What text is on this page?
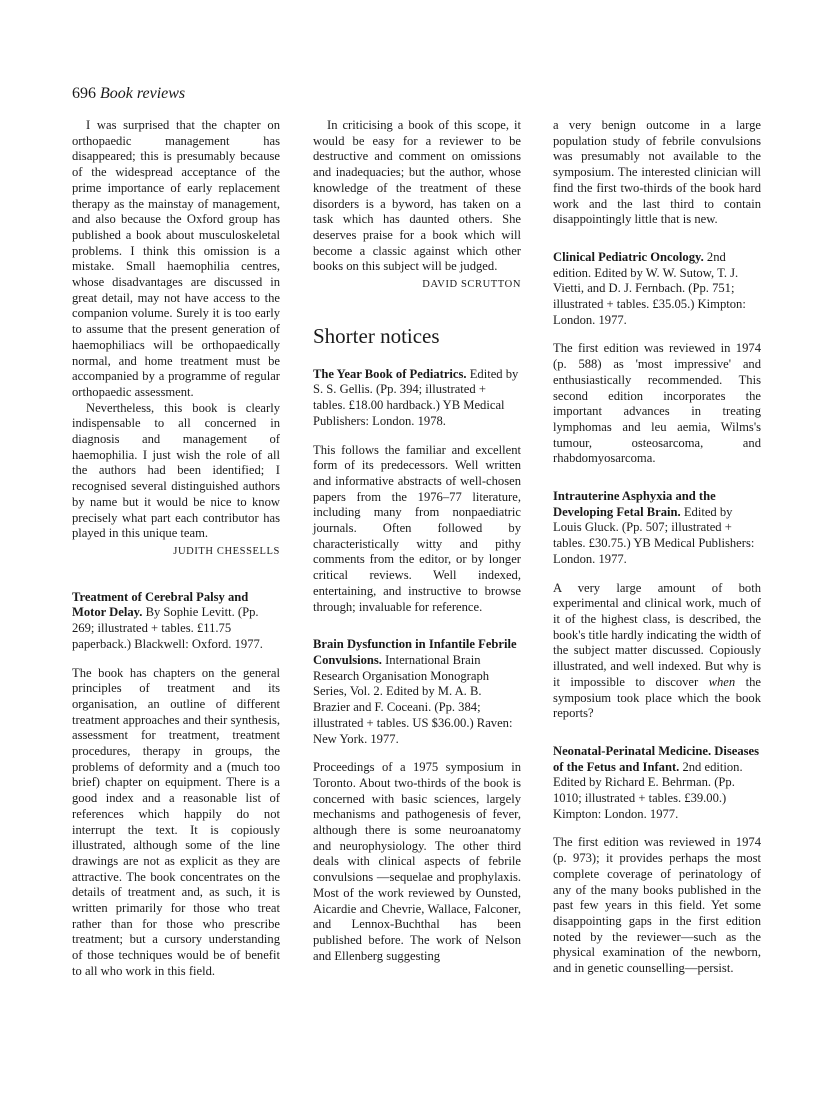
696 Book reviews

I was surprised that the chapter on orthopaedic management has disappeared; this is presumably because of the widespread acceptance of the prime importance of early replacement therapy as the mainstay of management, and also because the Oxford group has published a book about musculoskeletal problems. I think this omission is a mistake. Small haemophilia centres, whose disadvantages are discussed in great detail, may not have access to the companion volume. Surely it is too early to assume that the present generation of haemophiliacs will be orthopaedically normal, and home treatment must be accompanied by a programme of regular orthopaedic assessment.

Nevertheless, this book is clearly indispensable to all concerned in diagnosis and management of haemophilia. I just wish the role of all the authors had been identified; I recognised several distinguished authors by name but it would be nice to know precisely what part each contributor has played in this unique team.

JUDITH CHESSELLS

Treatment of Cerebral Palsy and Motor Delay. By Sophie Levitt. (Pp. 269; illustrated + tables. £11.75 paperback.) Blackwell: Oxford. 1977.

The book has chapters on the general principles of treatment and its organisation, an outline of different treatment approaches and their synthesis, assessment for treatment, treatment procedures, therapy in groups, the problems of deformity and a (much too brief) chapter on equipment. There is a good index and a reasonable list of references which happily do not interrupt the text. It is copiously illustrated, although some of the line drawings are not as explicit as they are attractive. The book concentrates on the details of treatment and, as such, it is written primarily for those who treat rather than for those who prescribe treatment; but a cursory understanding of those techniques would be of benefit to all who work in this field.

In criticising a book of this scope, it would be easy for a reviewer to be destructive and comment on omissions and inadequacies; but the author, whose knowledge of the treatment of these disorders is a byword, has taken on a task which has daunted others. She deserves praise for a book which will become a classic against which other books on this subject will be judged.

DAVID SCRUTTON
Shorter notices

The Year Book of Pediatrics. Edited by S. S. Gellis. (Pp. 394; illustrated + tables. £18.00 hardback.) YB Medical Publishers: London. 1978.

This follows the familiar and excellent form of its predecessors. Well written and informative abstracts of well-chosen papers from the 1976–77 literature, including many from nonpaediatric journals. Often followed by characteristically witty and pithy comments from the editor, or by longer critical reviews. Well indexed, entertaining, and instructive to browse through; invaluable for reference.

Brain Dysfunction in Infantile Febrile Convulsions. International Brain Research Organisation Monograph Series, Vol. 2. Edited by M. A. B. Brazier and F. Coceani. (Pp. 384; illustrated + tables. US $36.00.) Raven: New York. 1977.

Proceedings of a 1975 symposium in Toronto. About two-thirds of the book is concerned with basic sciences, largely mechanisms and pathogenesis of fever, although there is some neuroanatomy and neurophysiology. The other third deals with clinical aspects of febrile convulsions —sequelae and prophylaxis. Most of the work reviewed by Ounsted, Aicardie and Chevrie, Wallace, Falconer, and Lennox-Buchthal has been published before. The work of Nelson and Ellenberg suggesting

a very benign outcome in a large population study of febrile convulsions was presumably not available to the symposium. The interested clinician will find the first two-thirds of the book hard work and the last third to contain disappointingly little that is new.

Clinical Pediatric Oncology. 2nd edition. Edited by W. W. Sutow, T. J. Vietti, and D. J. Fernbach. (Pp. 751; illustrated + tables. £35.05.) Kimpton: London. 1977.

The first edition was reviewed in 1974 (p. 588) as 'most impressive' and enthusiastically recommended. This second edition incorporates the important advances in treating lymphomas and leu aemia, Wilms's tumour, osteosarcoma, and rhabdomyosarcoma.

Intrauterine Asphyxia and the Developing Fetal Brain. Edited by Louis Gluck. (Pp. 507; illustrated + tables. £30.75.) YB Medical Publishers: London. 1977.

A very large amount of both experimental and clinical work, much of it of the highest class, is described, the book's title hardly indicating the width of the subject matter discussed. Copiously illustrated, and well indexed. But why is it impossible to discover when the symposium took place which the book reports?

Neonatal-Perinatal Medicine. Diseases of the Fetus and Infant. 2nd edition. Edited by Richard E. Behrman. (Pp. 1010; illustrated + tables. £39.00.) Kimpton: London. 1977.

The first edition was reviewed in 1974 (p. 973); it provides perhaps the most complete coverage of perinatology of any of the many books published in the past few years in this field. Yet some disappointing gaps in the first edition noted by the reviewer—such as the physical examination of the newborn, and in genetic counselling—persist.
